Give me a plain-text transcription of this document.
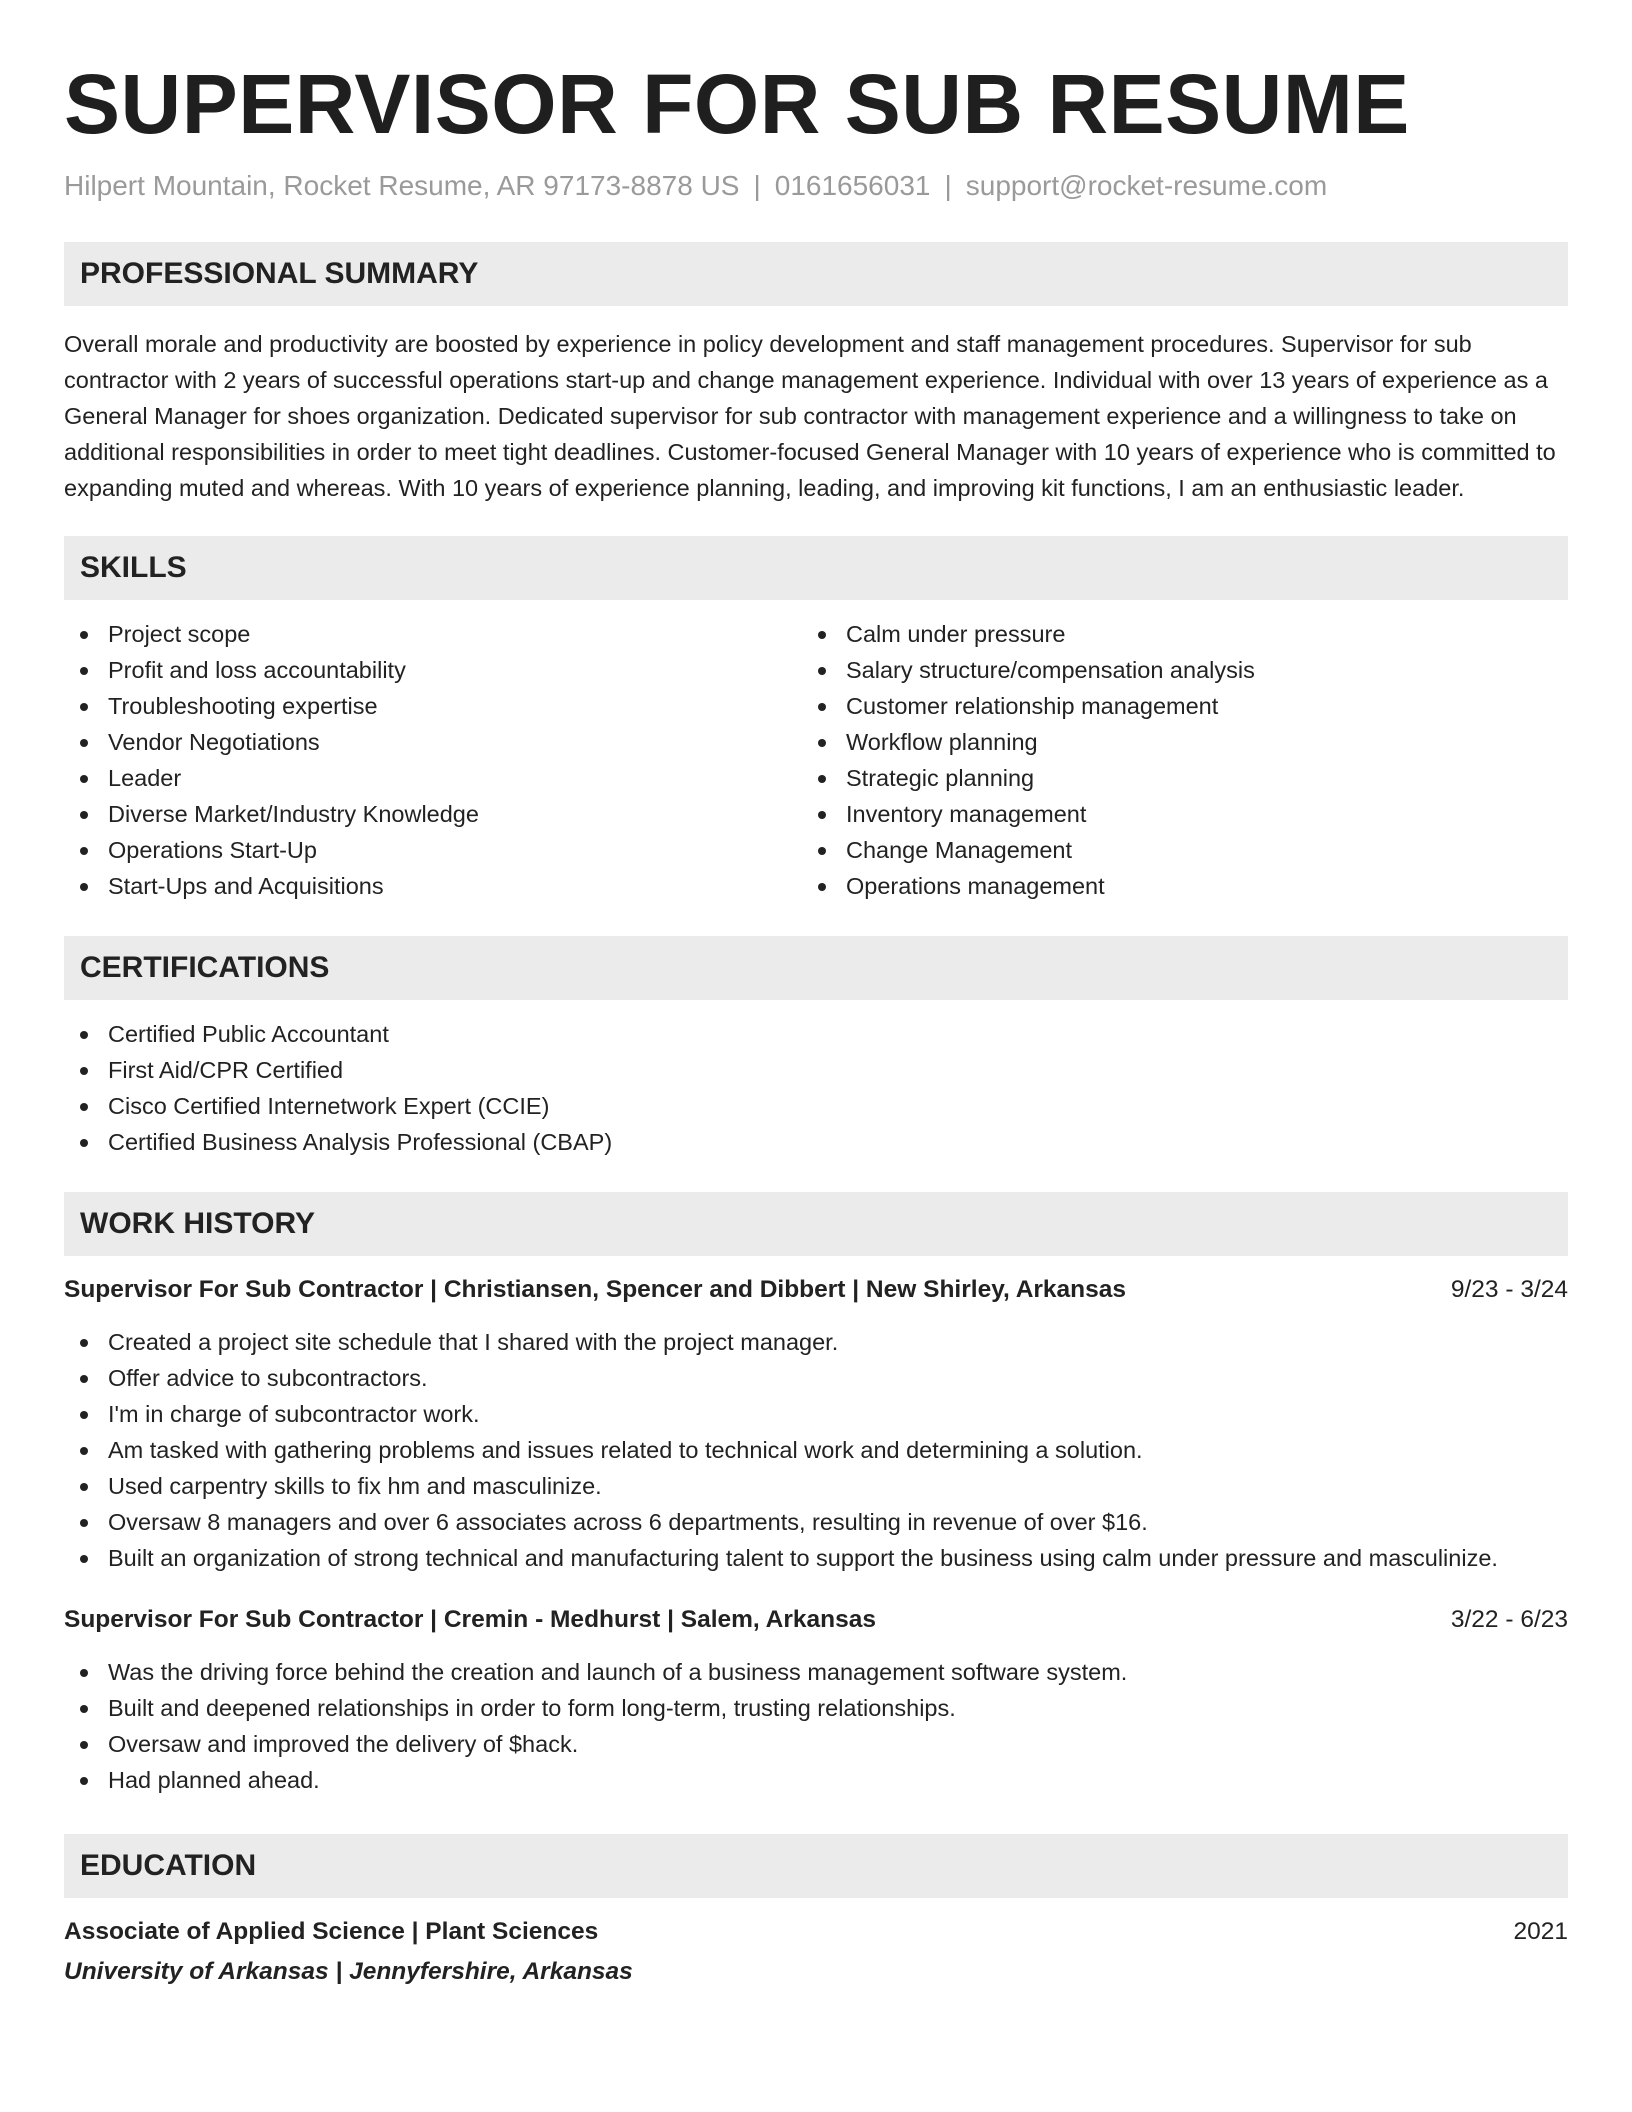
SUPERVISOR FOR SUB RESUME
Hilpert Mountain, Rocket Resume, AR 97173-8878 US | 0161656031 | support@rocket-resume.com
PROFESSIONAL SUMMARY
Overall morale and productivity are boosted by experience in policy development and staff management procedures. Supervisor for sub contractor with 2 years of successful operations start-up and change management experience. Individual with over 13 years of experience as a General Manager for shoes organization. Dedicated supervisor for sub contractor with management experience and a willingness to take on additional responsibilities in order to meet tight deadlines. Customer-focused General Manager with 10 years of experience who is committed to expanding muted and whereas. With 10 years of experience planning, leading, and improving kit functions, I am an enthusiastic leader.
SKILLS
Project scope
Profit and loss accountability
Troubleshooting expertise
Vendor Negotiations
Leader
Diverse Market/Industry Knowledge
Operations Start-Up
Start-Ups and Acquisitions
Calm under pressure
Salary structure/compensation analysis
Customer relationship management
Workflow planning
Strategic planning
Inventory management
Change Management
Operations management
CERTIFICATIONS
Certified Public Accountant
First Aid/CPR Certified
Cisco Certified Internetwork Expert (CCIE)
Certified Business Analysis Professional (CBAP)
WORK HISTORY
Supervisor For Sub Contractor | Christiansen, Spencer and Dibbert | New Shirley, Arkansas	9/23 - 3/24
Created a project site schedule that I shared with the project manager.
Offer advice to subcontractors.
I'm in charge of subcontractor work.
Am tasked with gathering problems and issues related to technical work and determining a solution.
Used carpentry skills to fix hm and masculinize.
Oversaw 8 managers and over 6 associates across 6 departments, resulting in revenue of over $16.
Built an organization of strong technical and manufacturing talent to support the business using calm under pressure and masculinize.
Supervisor For Sub Contractor | Cremin - Medhurst | Salem, Arkansas	3/22 - 6/23
Was the driving force behind the creation and launch of a business management software system.
Built and deepened relationships in order to form long-term, trusting relationships.
Oversaw and improved the delivery of $hack.
Had planned ahead.
EDUCATION
Associate of Applied Science | Plant Sciences	2021
University of Arkansas | Jennyfershire, Arkansas
